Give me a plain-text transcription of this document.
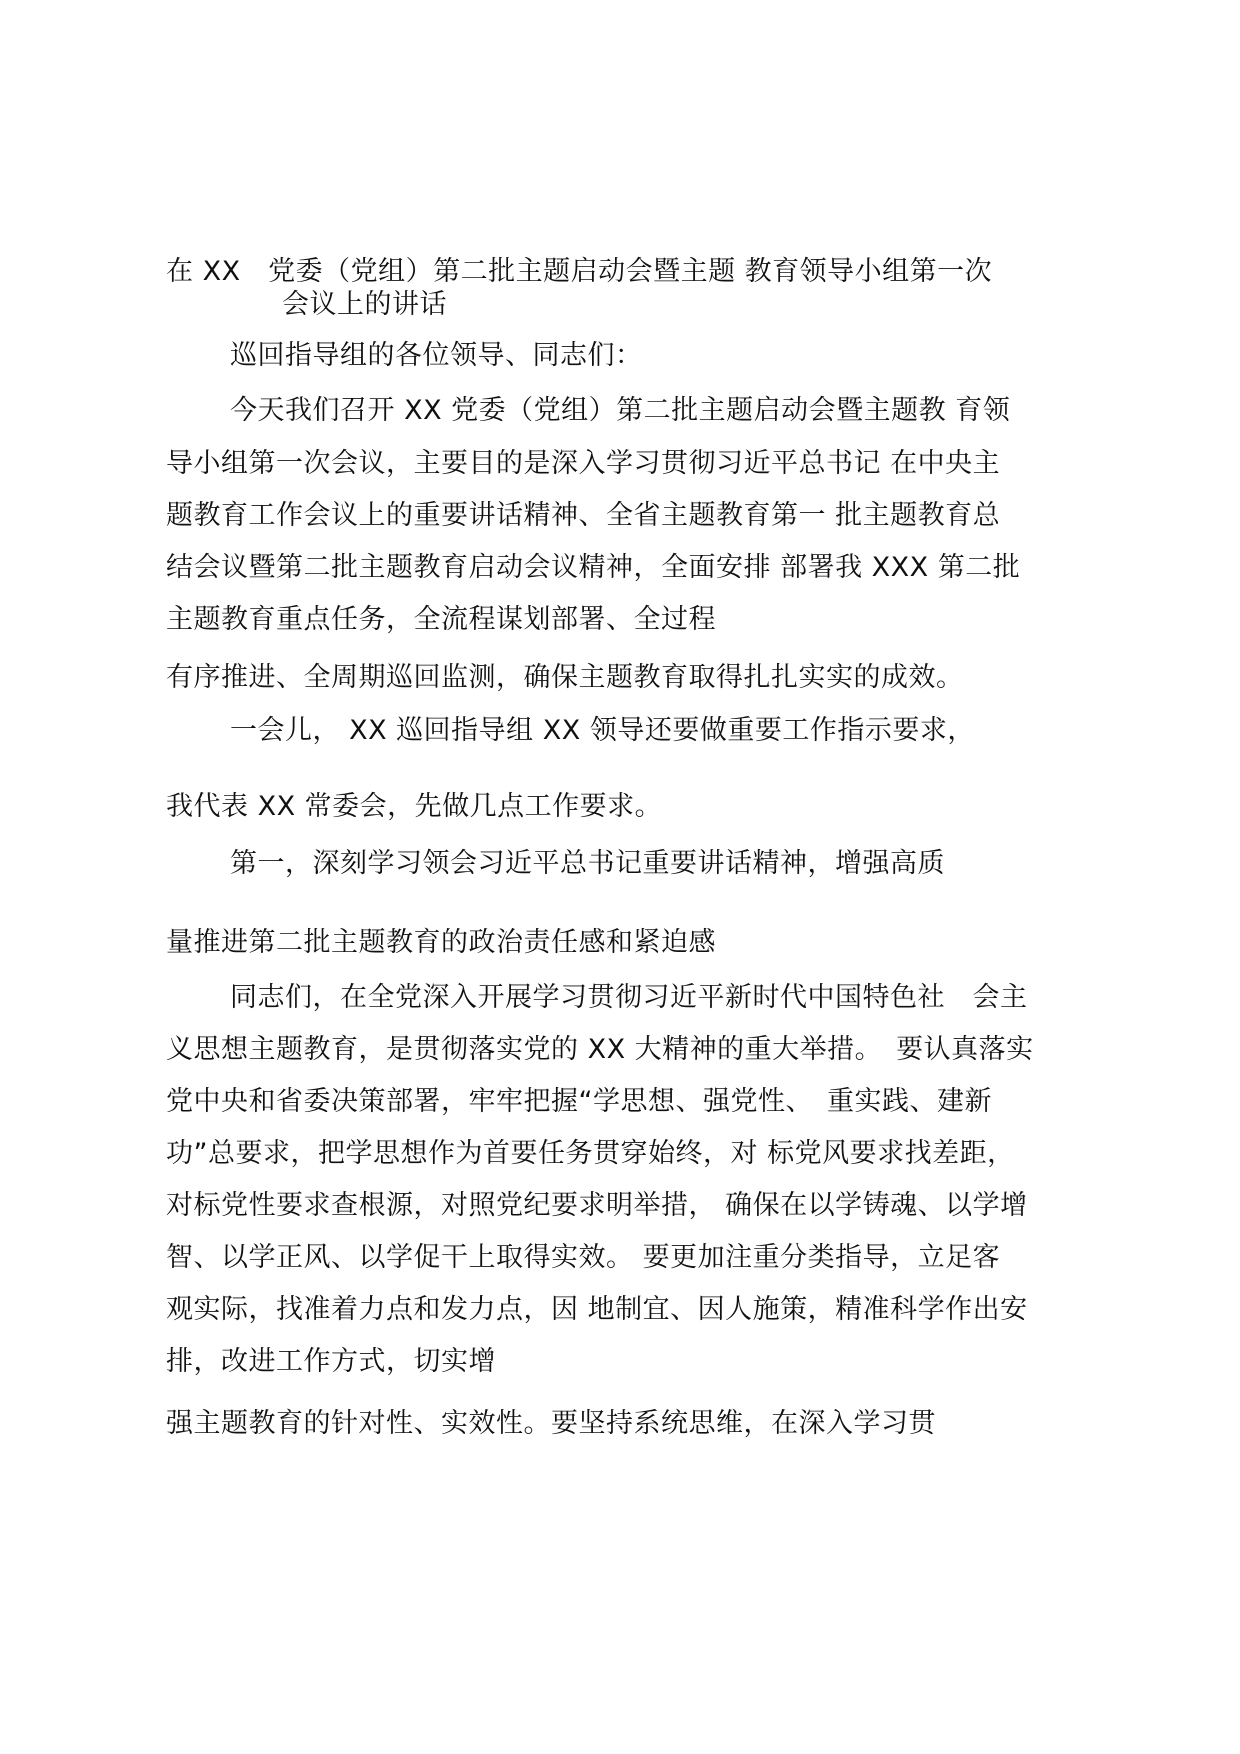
在 XX　党委（党组）第二批主题启动会暨主题 教育领导小组第一次
会议上的讲话
巡回指导组的各位领导、同志们：
今天我们召开 XX 党委（党组）第二批主题启动会暨主题教 育领
导小组第一次会议，主要目的是深入学习贯彻习近平总书记 在中央主
题教育工作会议上的重要讲话精神、全省主题教育第一 批主题教育总
结会议暨第二批主题教育启动会议精神，全面安排 部署我 XXX 第二批
主题教育重点任务，全流程谋划部署、全过程
有序推进、全周期巡回监测，确保主题教育取得扎扎实实的成效。
一会儿， XX 巡回指导组 XX 领导还要做重要工作指示要求，
我代表 XX 常委会，先做几点工作要求。
第一，深刻学习领会习近平总书记重要讲话精神，增强高质
量推进第二批主题教育的政治责任感和紧迫感
同志们，在全党深入开展学习贯彻习近平新时代中国特色社　会主
义思想主题教育，是贯彻落实党的 XX 大精神的重大举措。　要认真落实
党中央和省委决策部署，牢牢把握“学思想、强党性、　重实践、建新
功”总要求，把学思想作为首要任务贯穿始终，对 标党风要求找差距，
对标党性要求查根源，对照党纪要求明举措， 确保在以学铸魂、以学增
智、以学正风、以学促干上取得实效。 要更加注重分类指导，立足客
观实际，找准着力点和发力点，因 地制宜、因人施策，精准科学作出安
排，改进工作方式，切实增
强主题教育的针对性、实效性。要坚持系统思维，在深入学习贯
